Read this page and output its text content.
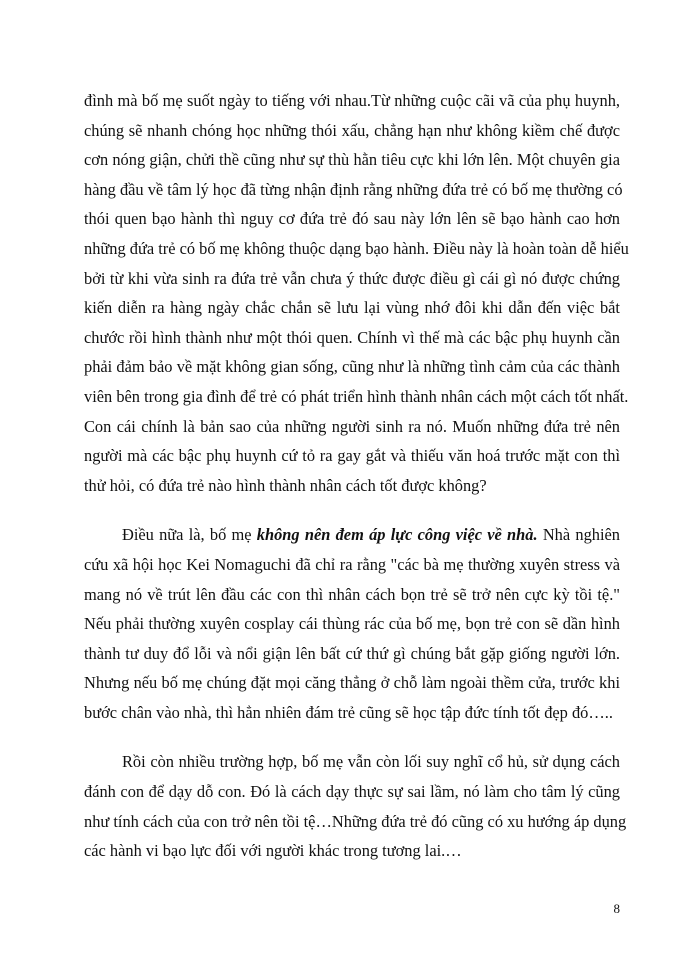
đình mà bố mẹ suốt ngày to tiếng với nhau.Từ những cuộc cãi vã của phụ huynh,
chúng sẽ nhanh chóng học những thói xấu, chẳng hạn như không kiềm chế được
cơn nóng giận, chửi thề cũng như sự thù hằn tiêu cực khi lớn lên. Một chuyên gia
hàng đầu về tâm lý học đã từng nhận định rằng những đứa trẻ có bố mẹ thường có
thói quen bạo hành thì nguy cơ đứa trẻ đó sau này lớn lên sẽ bạo hành cao hơn
những đứa trẻ có bố mẹ không thuộc dạng bạo hành. Điều này là hoàn toàn dễ hiểu
bởi từ khi vừa sinh ra đứa trẻ vẫn chưa ý thức được điều gì cái gì nó được chứng
kiến diễn ra hàng ngày chắc chắn sẽ lưu lại vùng nhớ đôi khi dẫn đến việc bắt
chước rồi hình thành như một thói quen. Chính vì thế mà các bậc phụ huynh cần
phải đảm bảo về mặt không gian sống, cũng như là những tình cảm của các thành
viên bên trong gia đình để trẻ có phát triển hình thành nhân cách một cách tốt nhất.
Con cái chính là bản sao của những người sinh ra nó. Muốn những đứa trẻ nên
người mà các bậc phụ huynh cứ tỏ ra gay gắt và thiếu văn hoá trước mặt con thì
thử hỏi, có đứa trẻ nào hình thành nhân cách tốt được không?
Điều nữa là, bố mẹ không nên đem áp lực công việc về nhà. Nhà nghiên
cứu xã hội học Kei Nomaguchi đã chỉ ra rằng "các bà mẹ thường xuyên stress và
mang nó về trút lên đầu các con thì nhân cách bọn trẻ sẽ trở nên cực kỳ tồi tệ."
Nếu phải thường xuyên cosplay cái thùng rác của bố mẹ, bọn trẻ con sẽ dần hình
thành tư duy đổ lỗi và nổi giận lên bất cứ thứ gì chúng bắt gặp giống người lớn.
Nhưng nếu bố mẹ chúng đặt mọi căng thẳng ở chỗ làm ngoài thềm cửa, trước khi
bước chân vào nhà, thì hẳn nhiên đám trẻ cũng sẽ học tập đức tính tốt đẹp đó…..
Rồi còn nhiều trường hợp, bố mẹ vẫn còn lối suy nghĩ cổ hủ, sử dụng cách
đánh con để dạy dỗ con. Đó là cách dạy thực sự sai lầm, nó làm cho tâm lý cũng
như tính cách của con trở nên tồi tệ…Những đứa trẻ đó cũng có xu hướng áp dụng
các hành vi bạo lực đối với người khác trong tương lai.…
8
